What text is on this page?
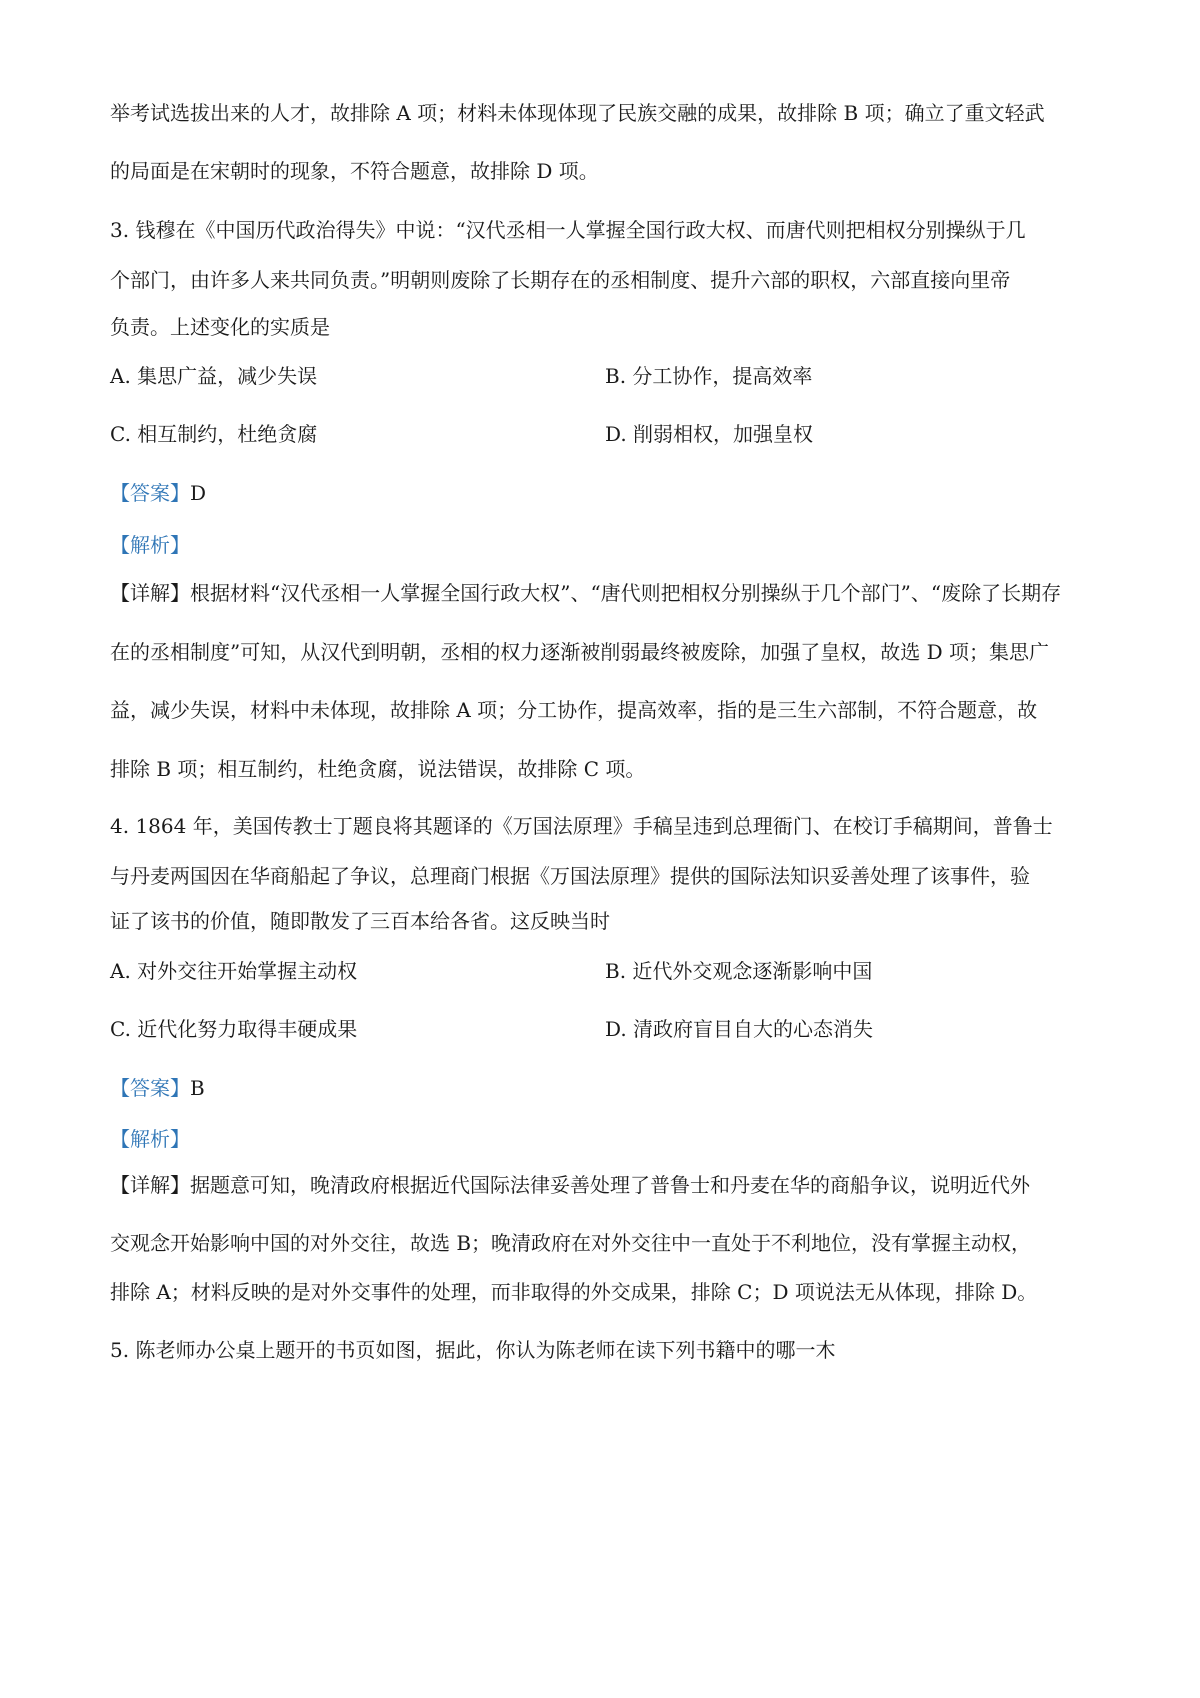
举考试选拔出来的人才，故排除 A 项；材料未体现体现了民族交融的成果，故排除 B 项；确立了重文轻武
的局面是在宋朝时的现象，不符合题意，故排除 D 项。
3. 钱穆在《中国历代政治得失》中说：“汉代丞相一人掌握全国行政大权、而唐代则把相权分别操纵于几
个部门，由许多人来共同负责。”明朝则废除了长期存在的丞相制度、提升六部的职权，六部直接向里帝
负责。上述变化的实质是
A. 集思广益，减少失误	B. 分工协作，提高效率
C. 相互制约，杜绝贪腐	D. 削弱相权，加强皇权
【答案】D
【解析】
【详解】根据材料“汉代丞相一人掌握全国行政大权”、“唐代则把相权分别操纵于几个部门”、“废除了长期存
在的丞相制度”可知，从汉代到明朝，丞相的权力逐渐被削弱最终被废除，加强了皇权，故选 D 项；集思广
益，减少失误，材料中未体现，故排除 A 项；分工协作，提高效率，指的是三生六部制，不符合题意，故
排除 B 项；相互制约，杜绝贪腐，说法错误，故排除 C 项。
4. 1864 年，美国传教士丁题良将其题译的《万国法原理》手稿呈违到总理衙门、在校订手稿期间，普鲁士
与丹麦两国因在华商船起了争议，总理商门根据《万国法原理》提供的国际法知识妥善处理了该事件，验
证了该书的价值，随即散发了三百本给各省。这反映当时
A. 对外交往开始掌握主动权	B. 近代外交观念逐渐影响中国
C. 近代化努力取得丰硬成果	D. 清政府盲目自大的心态消失
【答案】B
【解析】
【详解】据题意可知，晚清政府根据近代国际法律妥善处理了普鲁士和丹麦在华的商船争议，说明近代外
交观念开始影响中国的对外交往，故选 B；晚清政府在对外交往中一直处于不利地位，没有掌握主动权，
排除 A；材料反映的是对外交事件的处理，而非取得的外交成果，排除 C；D 项说法无从体现，排除 D。
5. 陈老师办公桌上题开的书页如图，据此，你认为陈老师在读下列书籍中的哪一木
